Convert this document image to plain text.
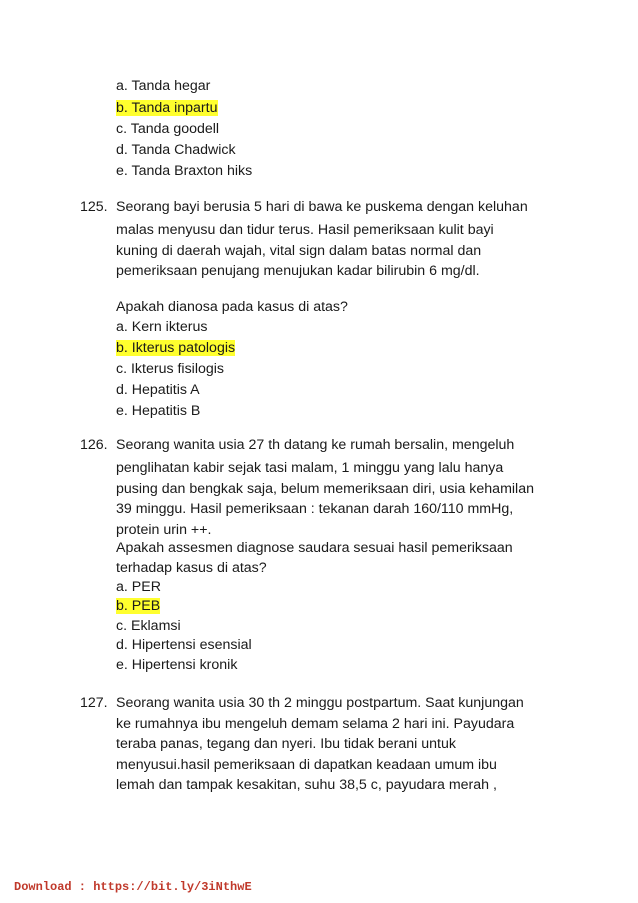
a. Tanda hegar
b. Tanda inpartu
c. Tanda goodell
d. Tanda Chadwick
e. Tanda Braxton hiks
125. Seorang bayi berusia 5 hari di bawa ke puskema dengan keluhan
malas menyusu dan tidur terus. Hasil pemeriksaan kulit bayi
kuning di daerah wajah, vital sign dalam batas normal dan
pemeriksaan penujang menujukan kadar bilirubin 6 mg/dl.
Apakah dianosa pada kasus di atas?
a. Kern ikterus
b. Ikterus patologis
c. Ikterus fisilogis
d. Hepatitis A
e. Hepatitis B
126. Seorang wanita usia 27 th datang ke rumah bersalin, mengeluh
penglihatan kabir sejak tasi malam, 1 minggu yang lalu hanya
pusing dan bengkak saja, belum memeriksaan diri, usia kehamilan
39 minggu. Hasil pemeriksaan : tekanan darah 160/110 mmHg,
protein urin ++.
Apakah assesmen diagnose saudara sesuai hasil pemeriksaan
terhadap kasus di atas?
a. PER
b. PEB
c. Eklamsi
d. Hipertensi esensial
e. Hipertensi kronik
127. Seorang wanita usia 30 th 2 minggu postpartum. Saat kunjungan
ke rumahnya ibu mengeluh demam selama 2 hari ini. Payudara
teraba panas, tegang dan nyeri. Ibu tidak berani untuk
menyusui.hasil pemeriksaan di dapatkan keadaan umum ibu
lemah dan tampak kesakitan, suhu 38,5 c, payudara merah ,
Download : https://bit.ly/3iNthwE
